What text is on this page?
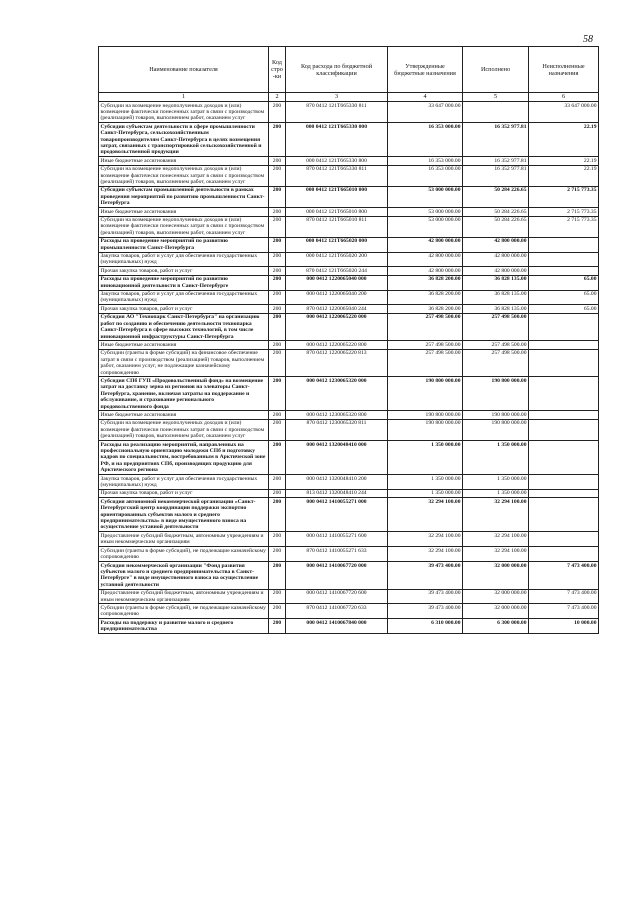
58
Наименование показателя	Код стро-ки	Код расхода по бюджетной классификации	Утвержденные бюджетные назначения	Исполнено	Неисполненные назначения
1	2	3	4	5	6
Субсидии на возмещение недополученных доходов и (или) возмещение фактически понесенных затрат в связи с производством (реализацией) товаров, выполнением работ, оказанием услуг	200	870 0412 121Т665330 811	33 647 000.00		33 647 000.00
Субсидии субъектам деятельности в сфере промышленности Санкт-Петербурга, сельскохозяйственным товаропроизводителям Санкт-Петербурга в целях возмещения затрат, связанных с транспортировкой сельскохозяйственной и продовольственной продукции	200	000 0412 121Т665330 000	16 353 000.00	16 352 977.81	22.19
Иные бюджетные ассигнования	200	000 0412 121Т665330 800	16 353 000.00	16 352 977.81	22.19
Субсидии на возмещение недополученных доходов и (или) возмещение фактически понесенных затрат в связи с производством (реализацией) товаров, выполнением работ, оказанием услуг	200	870 0412 121Т665330 811	16 353 000.00	16 352 977.81	22.19
Субсидии субъектам промышленной деятельности в рамках проведения мероприятий по развитию промышленности Санкт-Петербурга	200	000 0412 121Т665010 000	53 000 000.00	50 284 226.65	2 715 773.35
Иные бюджетные ассигнования	200	000 0412 121Т665010 800	53 000 000.00	50 284 226.65	2 715 773.35
Субсидии на возмещение недополученных доходов и (или) возмещение фактически понесенных затрат в связи с производством (реализацией) товаров, выполнением работ, оказанием услуг	200	870 0412 121Т665010 811	53 000 000.00	50 284 226.65	2 715 773.35
Расходы на проведение мероприятий по развитию промышленности Санкт-Петербурга	200	000 0412 121Т665020 000	42 800 000.00	42 800 000.00	
Закупка товаров, работ и услуг для обеспечения государственных (муниципальных) нужд	200	000 0412 121Т665020 200	42 800 000.00	42 800 000.00	
Прочая закупка товаров, работ и услуг	200	870 0412 121Т665020 244	42 800 000.00	42 800 000.00	
Расходы на проведение мероприятий по развитию инновационной деятельности в Санкт-Петербурге	200	000 0412 1220065040 000	36 828 200.00	36 828 135.00	65.00
Закупка товаров, работ и услуг для обеспечения государственных (муниципальных) нужд	200	000 0412 1220065040 200	36 828 200.00	36 828 135.00	65.00
Прочая закупка товаров, работ и услуг	200	870 0412 1220065040 244	36 828 200.00	36 828 135.00	65.00
Субсидия АО "Технопарк Санкт-Петербурга" на организацию работ по созданию и обеспечению деятельности технопарка Санкт-Петербурга в сфере высоких технологий, в том числе инновационной инфраструктуры Санкт-Петербурга	200	000 0412 1220065220 000	257 498 500.00	257 498 500.00	
Иные бюджетные ассигнования	200	000 0412 1220065220 800	257 498 500.00	257 498 500.00	
Субсидии (гранты в форме субсидий) на финансовое обеспечение затрат в связи с производством (реализацией) товаров, выполнением работ, оказанием услуг, не подлежащие казначейскому сопровождению	200	870 0412 1220065220 813	257 498 500.00	257 498 500.00	
Субсидия СПб ГУП «Продовольственный фонд» на возмещение затрат на доставку зерна из регионов на элеваторы Санкт-Петербурга, хранение, включая затраты на поддержание и обслуживание, и страхование регионального продовольственного фонда	200	000 0412 1230065320 000	190 800 000.00	190 800 000.00	
Иные бюджетные ассигнования	200	000 0412 1230065320 800	190 800 000.00	190 800 000.00	
Субсидии на возмещение недополученных доходов и (или) возмещение фактически понесенных затрат в связи с производством (реализацией) товаров, выполнением работ, оказанием услуг	200	870 0412 1230065320 811	190 800 000.00	190 800 000.00	
Расходы на реализацию мероприятий, направленных на профессиональную ориентацию молодежи СПб и подготовку кадров по специальностям, востребованным в Арктической зоне РФ, и на предприятиях СПб, производящих продукцию для Арктического региона	200	000 0412 1320048410 000	1 350 000.00	1 350 000.00	
Закупка товаров, работ и услуг для обеспечения государственных (муниципальных) нужд	200	000 0412 1320048410 200	1 350 000.00	1 350 000.00	
Прочая закупка товаров, работ и услуг	200	813 0412 1320048410 244	1 350 000.00	1 350 000.00	
Субсидия автономной некоммерческой организации «Санкт-Петербургский центр координации поддержки экспортно ориентированных субъектов малого и среднего предпринимательства» в виде имущественного взноса на осуществление уставной деятельности	200	000 0412 1410055271 000	32 294 100.00	32 294 100.00	
Предоставление субсидий бюджетным, автономным учреждениям и иным некоммерческим организациям	200	000 0412 1410055271 600	32 294 100.00	32 294 100.00	
Субсидии (гранты в форме субсидий), не подлежащие казначейскому сопровождению	200	870 0412 1410055271 633	32 294 100.00	32 294 100.00	
Субсидия некоммерческой организации "Фонд развития субъектов малого и среднего предпринимательства в Санкт-Петербурге" в виде имущественного взноса на осуществление уставной деятельности	200	000 0412 1410067720 000	39 473 400.00	32 000 000.00	7 473 400.00
Предоставление субсидий бюджетным, автономным учреждениям и иным некоммерческим организациям	200	000 0412 1410067720 600	39 473 400.00	32 000 000.00	7 473 400.00
Субсидии (гранты в форме субсидий), не подлежащие казначейскому сопровождению	200	870 0412 1410067720 633	39 473 400.00	32 000 000.00	7 473 400.00
Расходы на поддержку и развитие малого и среднего предпринимательства	200	000 0412 1410067840 000	6 310 000.00	6 300 000.00	10 000.00
